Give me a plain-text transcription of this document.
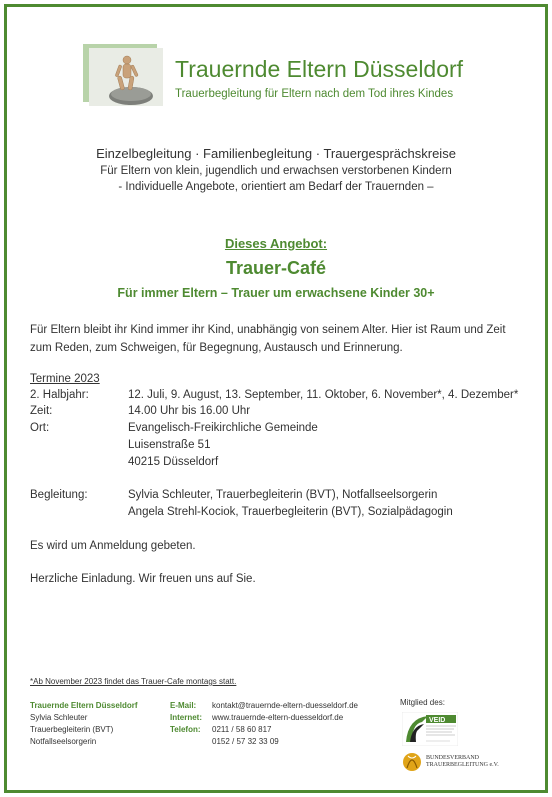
Trauernde Eltern Düsseldorf
Trauerbegleitung für Eltern nach dem Tod ihres Kindes
Einzelbegleitung · Familienbegleitung · Trauergesprächskreise
Für Eltern von klein, jugendlich und erwachsen verstorbenen Kindern
- Individuelle Angebote, orientiert am Bedarf der Trauernden –
Dieses Angebot:
Trauer-Café
Für immer Eltern – Trauer um erwachsene Kinder 30+
Für Eltern bleibt ihr Kind immer ihr Kind, unabhängig von seinem Alter. Hier ist Raum und Zeit zum Reden, zum Schweigen, für Begegnung, Austausch und Erinnerung.
Termine 2023
2. Halbjahr:	12. Juli, 9. August, 13. September, 11. Oktober, 6. November*, 4. Dezember*
Zeit:	14.00 Uhr bis 16.00 Uhr
Ort:	Evangelisch-Freikirchliche Gemeinde
Luisenstraße 51
40215 Düsseldorf
Begleitung:	Sylvia Schleuter, Trauerbegleiterin (BVT), Notfallseelsorgerin
Angela Strehl-Kociok, Trauerbegleiterin (BVT), Sozialpädagogin
Es wird um Anmeldung gebeten.
Herzliche Einladung. Wir freuen uns auf Sie.
*Ab November 2023 findet das Trauer-Cafe montags statt.
Trauernde Eltern Düsseldorf
Sylvia Schleuter
Trauerbegleiterin (BVT)
Notfallseelsorgerin
E-Mail: kontakt@trauernde-eltern-duesseldorf.de
Internet: www.trauernde-eltern-duesseldorf.de
Telefon: 0211 / 58 60 817
0152 / 57 32 33 09
Mitglied des:
VEID
BUNDESVERBAND
TRAUERBEGLEITUNG e.V.
